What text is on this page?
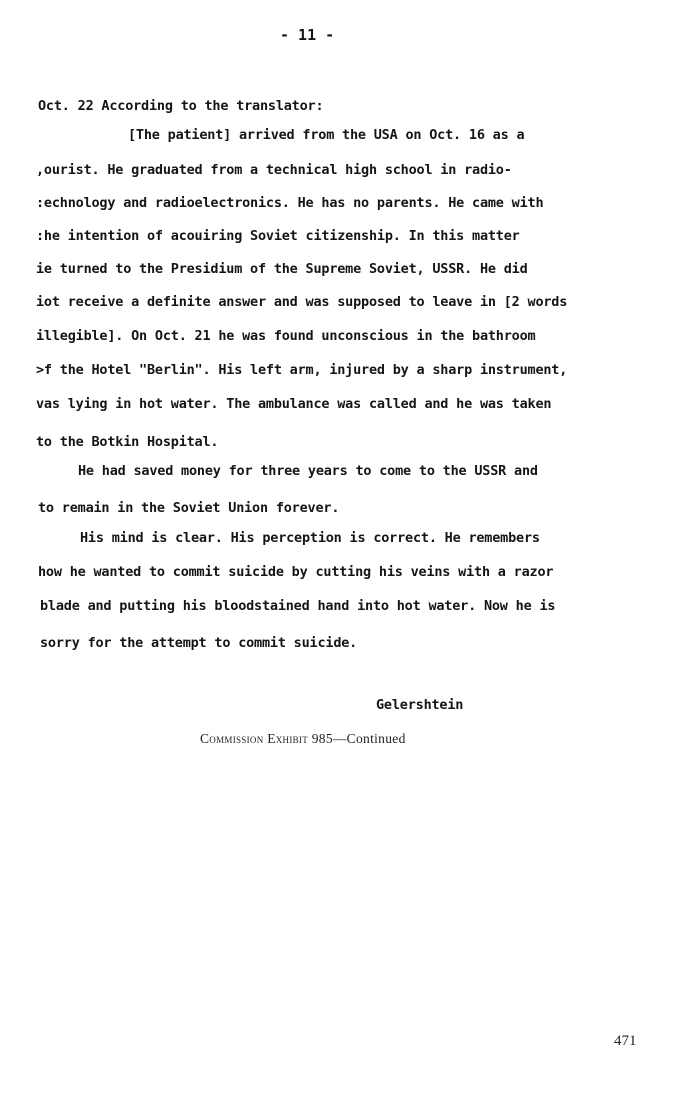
- 11 -
Oct. 22 According to the translator:
[The patient] arrived from the USA on Oct. 16 as a
,ourist. He graduated from a technical high school in radio-
:echnology and radioelectronics. He has no parents. He came with
:he intention of acouiring Soviet citizenship. In this matter
ie turned to the Presidium of the Supreme Soviet, USSR. He did
iot receive a definite answer and was supposed to leave in [2 words
illegible]. On Oct. 21 he was found unconscious in the bathroom
>f the Hotel "Berlin". His left arm, injured by a sharp instrument,
vas lying in hot water. The ambulance was called and he was taken
to the Botkin Hospital.
He had saved money for three years to come to the USSR and
to remain in the Soviet Union forever.
His mind is clear. His perception is correct. He remembers
how he wanted to commit suicide by cutting his veins with a razor
blade and putting his bloodstained hand into hot water. Now he is
sorry for the attempt to commit suicide.
Gelershtein
Commission Exhibit 985—Continued
471
